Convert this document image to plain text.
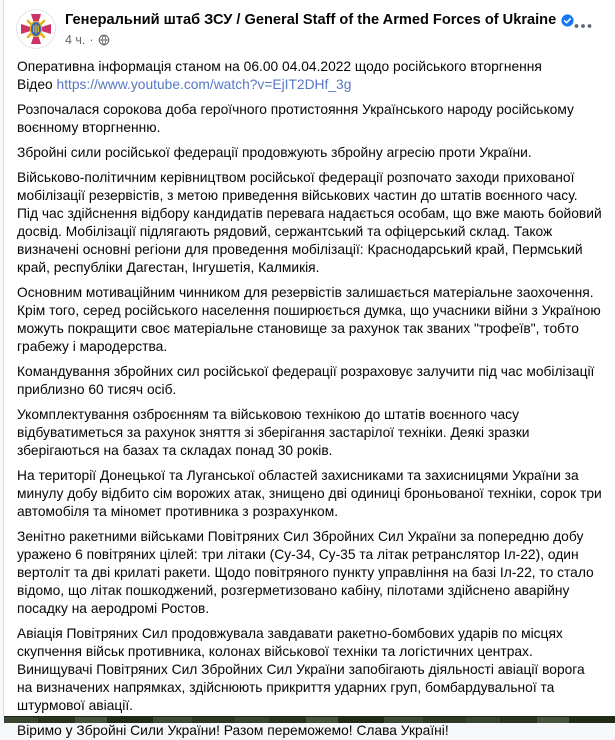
Генеральний штаб ЗСУ / General Staff of the Armed Forces of Ukraine
4 ч. ·

Оперативна інформація станом на 06.00 04.04.2022 щодо російського вторгнення
Відео https://www.youtube.com/watch?v=EjIT2DHf_3g

Розпочалася сорокова доба героїчного протистояння Українського народу російському воєнному вторгненню.

Збройні сили російської федерації продовжують збройну агресію проти України.

Військово-політичним керівництвом російської федерації розпочато заходи прихованої мобілізації резервістів, з метою приведення військових частин до штатів воєнного часу. Під час здійснення відбору кандидатів перевага надається особам, що вже мають бойовий досвід. Мобілізації підлягають рядовий, сержантський та офіцерський склад. Також визначені основні регіони для проведення мобілізації: Краснодарський край, Пермський край, республіки Дагестан, Інгушетія, Калмикія.

Основним мотиваційним чинником для резервістів залишається матеріальне заохочення. Крім того, серед російського населення поширюється думка, що учасники війни з Україною можуть покращити своє матеріальне становище за рахунок так званих "трофеїв", тобто грабежу і мародерства.

Командування збройних сил російської федерації розраховує залучити під час мобілізації приблизно 60 тисяч осіб.

Укомплектування озброєнням та військовою технікою до штатів воєнного часу відбуватиметься за рахунок зняття зі зберігання застарілої техніки. Деякі зразки зберігаються на базах та складах понад 30 років.

На території Донецької та Луганської областей захисниками та захисницями України за минулу добу відбито сім ворожих атак, знищено дві одиниці броньованої техніки, сорок три автомобіля та міномет противника з розрахунком.

Зенітно ракетними військами Повітряних Сил Збройних Сил України за попередню добу уражено 6 повітряних цілей: три літаки (Су-34, Су-35 та літак ретранслятор Іл-22), один вертоліт та дві крилаті ракети. Щодо повітряного пункту управління на базі Іл-22, то стало відомо, що літак пошкоджений, розгерметизовано кабіну, пілотами здійснено аварійну посадку на аеродромі Ростов.

Авіація Повітряних Сил продовжувала завдавати ракетно-бомбових ударів по місцях скупчення військ противника, колонах військової техніки та логістичних центрах. Винищувачі Повітряних Сил Збройних Сил України запобігають діяльності авіації ворога на визначених напрямках, здійснюють прикриття ударних груп, бомбардувальної та штурмової авіації.

Віримо у Збройні Сили України! Разом переможемо! Слава Україні!
